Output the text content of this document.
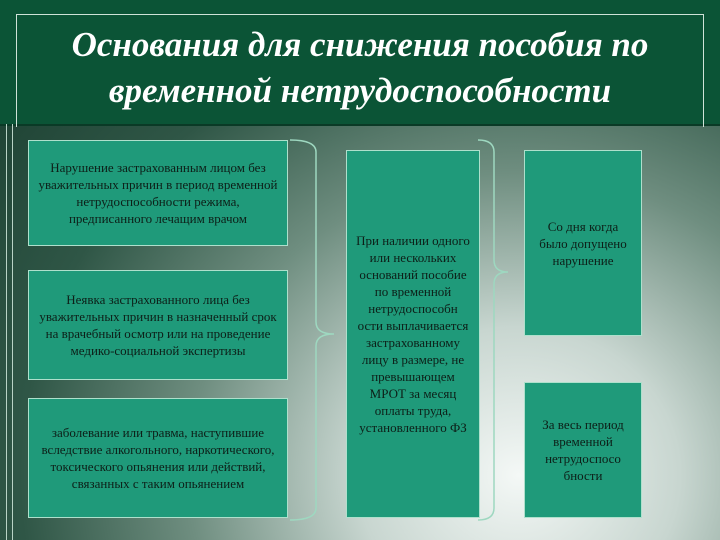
Основания для снижения пособия по временной нетрудоспособности
Нарушение застрахованным лицом без уважительных причин в период временной нетрудоспособности режима, предписанного лечащим врачом
Неявка застрахованного лица без уважительных причин в назначенный срок на врачебный осмотр или на проведение медико-социальной экспертизы
заболевание или травма, наступившие вследствие алкогольного, наркотического, токсического опьянения или действий, связанных с таким опьянением
При наличии одного или нескольких оснований пособие по временной нетрудоспособн ости выплачивается застрахованному лицу в размере, не превышающем МРОТ за месяц оплаты труда, установленного ФЗ
Со дня когда было допущено нарушение
За весь период временной нетрудоспосо бности
